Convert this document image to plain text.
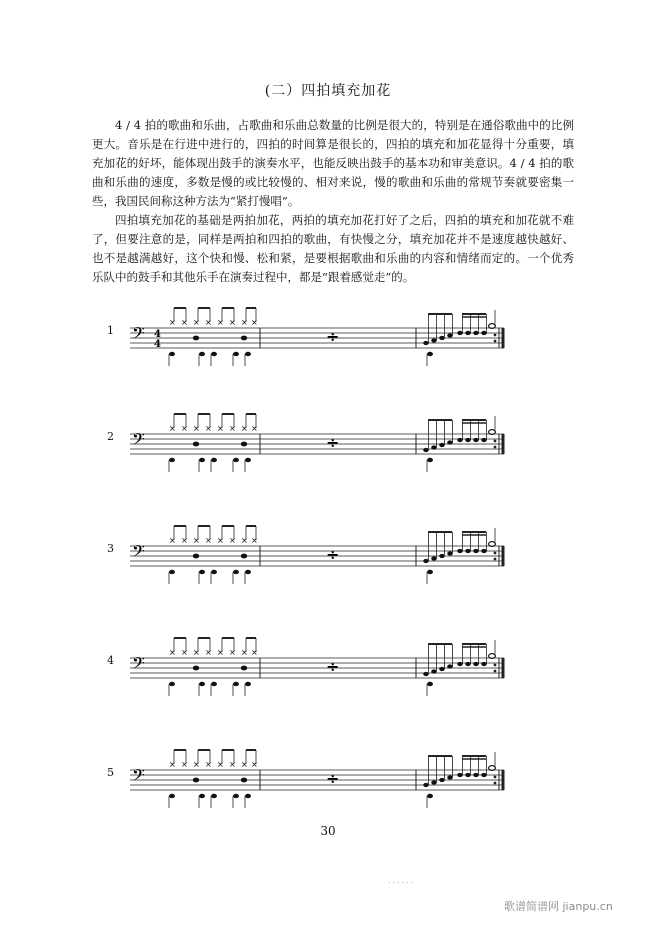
(二）四拍填充加花

4 / 4 拍的歌曲和乐曲，占歌曲和乐曲总数量的比例是很大的，特别是在通俗歌曲中的比例更大。音乐是在行进中进行的，四拍的时间算是很长的，四拍的填充和加花显得十分重要，填充加花的好坏，能体现出鼓手的演奏水平，也能反映出鼓手的基本功和审美意识。4 / 4 拍的歌曲和乐曲的速度，多数是慢的或比较慢的、相对来说，慢的歌曲和乐曲的常规节奏就要密集一些，我国民间称这种方法为“紧打慢唱”。

四拍填充加花的基础是两拍加花，两拍的填充加花打好了之后，四拍的填充和加花就不难了，但要注意的是，同样是两拍和四拍的歌曲，有快慢之分，填充加花并不是速度越快越好、也不是越满越好，这个快和慢、松和紧，是要根据歌曲和乐曲的内容和情绪而定的。一个优秀乐队中的鼓手和其他乐手在演奏过程中，都是“跟着感觉走”的。

1 𝄢 4
4
× × × × × × × ×
÷
2 𝄢
× × × × × × × ×
÷
3 𝄢
× × × × × × × ×
÷
4 𝄢
× × × × × × × ×
÷
5 𝄢
× × × × × × × ×
÷
30
......
歌谱简谱网 jianpu.cn
